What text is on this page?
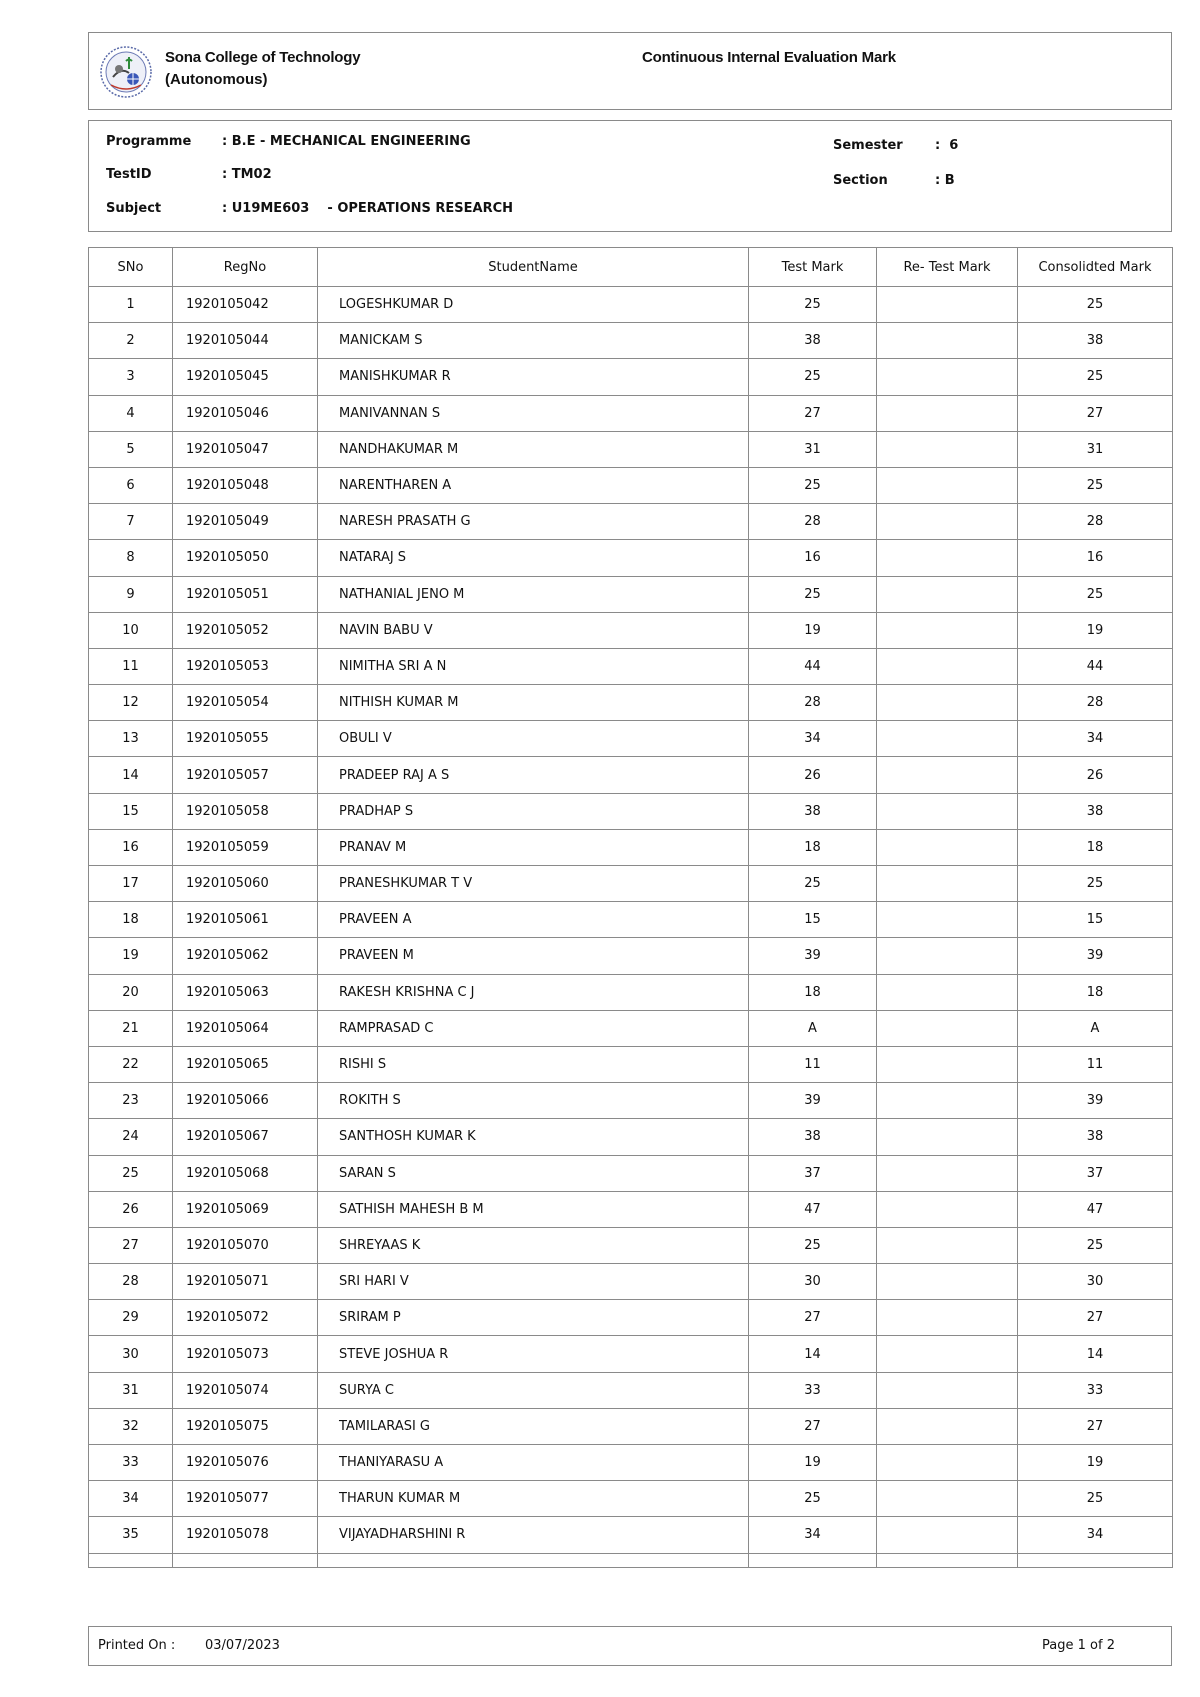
Sona College of Technology
(Autonomous)
Continuous Internal Evaluation Mark
Programme : B.E - MECHANICAL ENGINEERING
TestID	: TM02
Subject	: U19ME603    - OPERATIONS RESEARCH
Semester :  6
Section	: B
SNo	RegNo	StudentName	Test Mark	Re- Test Mark	Consolidted Mark
1	1920105042	LOGESHKUMAR D	25		25
2	1920105044	MANICKAM S	38		38
3	1920105045	MANISHKUMAR R	25		25
4	1920105046	MANIVANNAN S	27		27
5	1920105047	NANDHAKUMAR M	31		31
6	1920105048	NARENTHAREN A	25		25
7	1920105049	NARESH PRASATH G	28		28
8	1920105050	NATARAJ S	16		16
9	1920105051	NATHANIAL JENO M	25		25
10	1920105052	NAVIN BABU V	19		19
11	1920105053	NIMITHA SRI A N	44		44
12	1920105054	NITHISH KUMAR M	28		28
13	1920105055	OBULI V	34		34
14	1920105057	PRADEEP RAJ A S	26		26
15	1920105058	PRADHAP S	38		38
16	1920105059	PRANAV M	18		18
17	1920105060	PRANESHKUMAR T V	25		25
18	1920105061	PRAVEEN A	15		15
19	1920105062	PRAVEEN M	39		39
20	1920105063	RAKESH KRISHNA C J	18		18
21	1920105064	RAMPRASAD C	A		A
22	1920105065	RISHI S	11		11
23	1920105066	ROKITH S	39		39
24	1920105067	SANTHOSH KUMAR K	38		38
25	1920105068	SARAN S	37		37
26	1920105069	SATHISH MAHESH B M	47		47
27	1920105070	SHREYAAS K	25		25
28	1920105071	SRI HARI V	30		30
29	1920105072	SRIRAM P	27		27
30	1920105073	STEVE JOSHUA R	14		14
31	1920105074	SURYA C	33		33
32	1920105075	TAMILARASI G	27		27
33	1920105076	THANIYARASU A	19		19
34	1920105077	THARUN KUMAR M	25		25
35	1920105078	VIJAYADHARSHINI R	34		34

Printed On : 03/07/2023	Page 1 of 2
